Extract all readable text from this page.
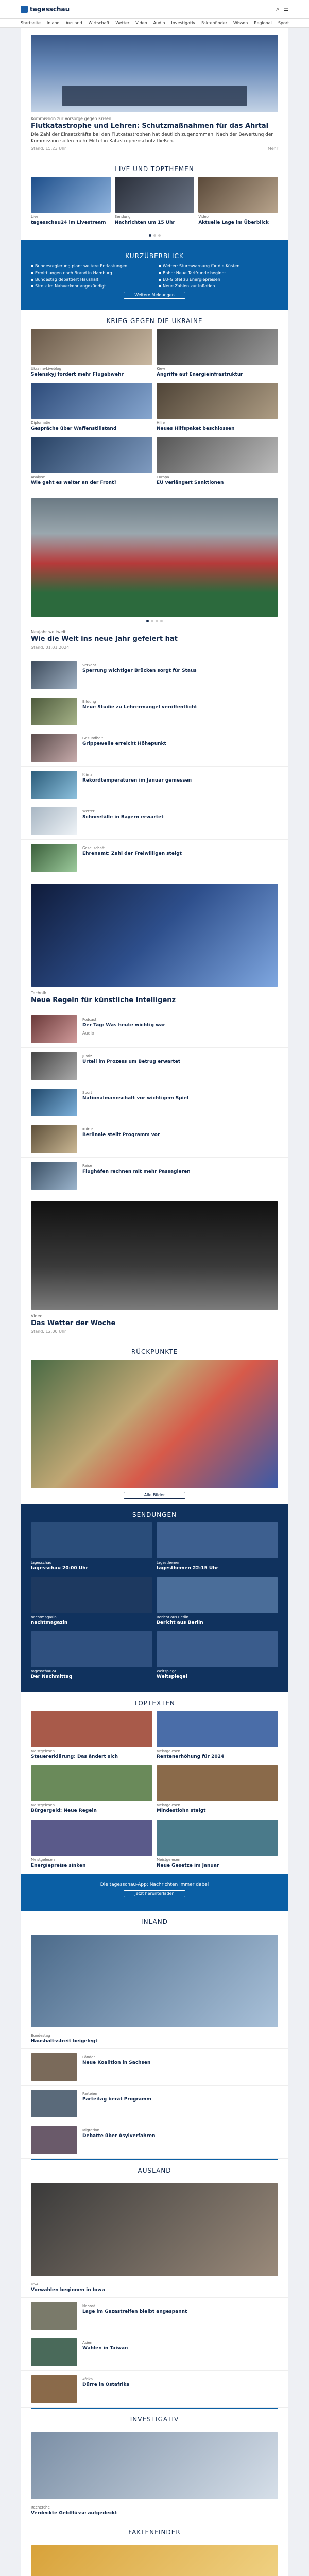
tagesschau	⌕ ☰
Startseite Inland Ausland Wirtschaft Wetter Video Audio Investigativ Faktenfinder Wissen Regional Sport
Kommission zur Vorsorge gegen Krisen
Flutkatastrophe und Lehren: Schutzmaßnahmen für das Ahrtal
Die Zahl der Einsatzkräfte bei den Flutkatastrophen hat deutlich zugenommen. Nach der Bewertung der Kommission sollen mehr Mittel in Katastrophenschutz fließen.
Stand: 15:23 Uhr	Mehr
LIVE UND TOPTHEMEN
Live
tagesschau24 im Livestream
Sendung
Nachrichten um 15 Uhr
Video
Aktuelle Lage im Überblick
KURZÜBERBLICK
▪ Bundesregierung plant weitere Entlastungen	▪ Wetter: Sturmwarnung für die Küsten
▪ Ermittlungen nach Brand in Hamburg	▪ Bahn: Neue Tarifrunde beginnt
▪ Bundestag debattiert Haushalt	▪ EU-Gipfel zu Energiepreisen
▪ Streik im Nahverkehr angekündigt	▪ Neue Zahlen zur Inflation
Weitere Meldungen
KRIEG GEGEN DIE UKRAINE
Ukraine-Liveblog
Selenskyj fordert mehr Flugabwehr
Kiew
Angriffe auf Energieinfrastruktur
Diplomatie
Gespräche über Waffenstillstand
Hilfe
Neues Hilfspaket beschlossen
Analyse
Wie geht es weiter an der Front?
Europa
EU verlängert Sanktionen
Neujahr weltweit
Wie die Welt ins neue Jahr gefeiert hat
Stand: 01.01.2024
Verkehr
Sperrung wichtiger Brücken sorgt für Staus
Bildung
Neue Studie zu Lehrermangel veröffentlicht
Gesundheit
Grippewelle erreicht Höhepunkt
Klima
Rekordtemperaturen im Januar gemessen
Wetter
Schneefälle in Bayern erwartet
Gesellschaft
Ehrenamt: Zahl der Freiwilligen steigt
Technik
Neue Regeln für künstliche Intelligenz
Podcast
Der Tag: Was heute wichtig war
Audio
Justiz
Urteil im Prozess um Betrug erwartet
Sport
Nationalmannschaft vor wichtigem Spiel
Kultur
Berlinale stellt Programm vor
Reise
Flughäfen rechnen mit mehr Passagieren
Video
Das Wetter der Woche
Stand: 12:00 Uhr
RÜCKPUNKTE
Alle Bilder
SENDUNGEN
tagesschau
tagesschau 20:00 Uhr
tagesthemen
tagesthemen 22:15 Uhr
nachtmagazin
nachtmagazin
Bericht aus Berlin
Bericht aus Berlin
tagesschau24
Der Nachmittag
Weltspiegel
Weltspiegel
TOPTEXTEN
Meistgelesen
Steuererklärung: Das ändert sich
Meistgelesen
Rentenerhöhung für 2024
Meistgelesen
Bürgergeld: Neue Regeln
Meistgelesen
Mindestlohn steigt
Meistgelesen
Energiepreise sinken
Meistgelesen
Neue Gesetze im Januar
Die tagesschau-App: Nachrichten immer dabei
Jetzt herunterladen
INLAND
Bundestag
Haushaltsstreit beigelegt
Länder
Neue Koalition in Sachsen
Parteien
Parteitag berät Programm
Migration
Debatte über Asylverfahren
AUSLAND
USA
Vorwahlen beginnen in Iowa
Nahost
Lage im Gazastreifen bleibt angespannt
Asien
Wahlen in Taiwan
Afrika
Dürre in Ostafrika
INVESTIGATIV
Recherche
Verdeckte Geldflüsse aufgedeckt
FAKTENFINDER
